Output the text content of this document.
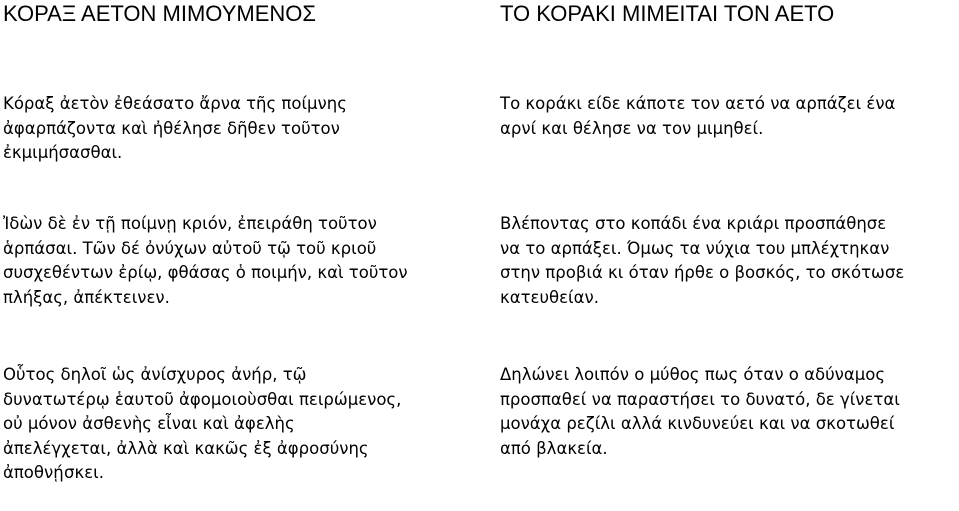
ΚΟΡΑΞ ΑΕΤΟΝ ΜΙΜΟΥΜΕΝΟΣ

Κόραξ ἀετὸν ἐθεάσατο ἄρνα τῆς ποίμνης
ἀφαρπάζοντα καὶ ἠθέλησε δῆθεν τοῦτον
ἐκμιμήσασθαι.

Ἰδὼν δὲ ἐν τῇ ποίμνῃ κριόν, ἐπειράθη τοῦτον
ἁρπάσαι. Τῶν δέ ὀνύχων αὐτοῦ τῷ τοῦ κριοῦ
συσχεθέντων ἐρίῳ, φθάσας ὁ ποιμήν, καὶ τοῦτον
πλήξας, ἀπέκτεινεν.

Οὗτος δηλοῖ ὡς ἀνίσχυρος ἀνήρ, τῷ
δυνατωτέρῳ ἑαυτοῦ ἀφομοιοὺσθαι πειρώμενος,
οὐ μόνον ἀσθενὴς εἶναι καὶ ἀφελὴς
ἀπελέγχεται, ἀλλὰ καὶ κακῶς ἐξ ἀφροσύνης
ἀποθνῄσκει.

ΤΟ ΚΟΡΑΚΙ ΜΙΜΕΙΤΑΙ ΤΟΝ ΑΕΤΟ

Το κοράκι είδε κάποτε τον αετό να αρπάζει ένα
αρνί και θέλησε να τον μιμηθεί.

Βλέποντας στο κοπάδι ένα κριάρι προσπάθησε
να το αρπάξει. Όμως τα νύχια του μπλέχτηκαν
στην προβιά κι όταν ήρθε ο βοσκός, το σκότωσε
κατευθείαν.

Δηλώνει λοιπόν ο μύθος πως όταν ο αδύναμος
προσπαθεί να παραστήσει το δυνατό, δε γίνεται
μονάχα ρεζίλι αλλά κινδυνεύει και να σκοτωθεί
από βλακεία.
